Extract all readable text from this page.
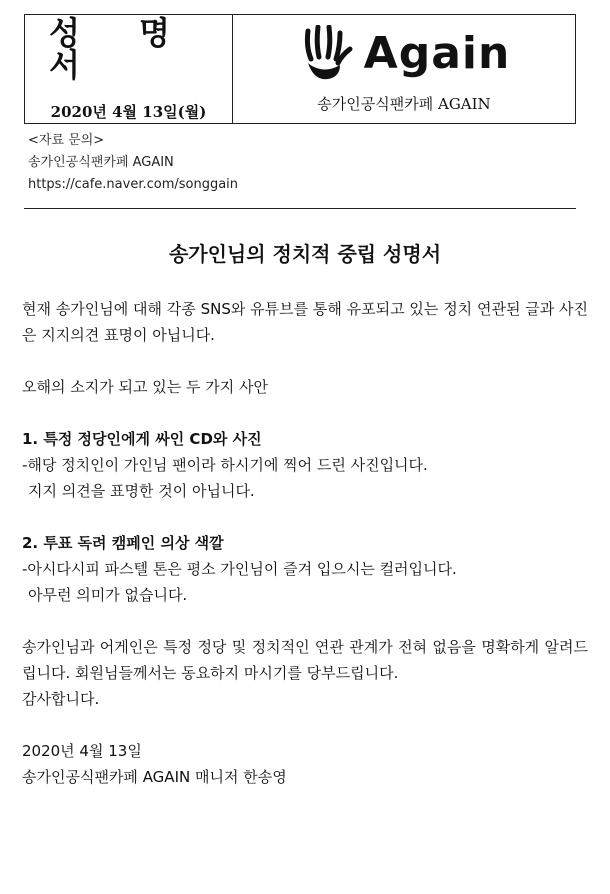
성 명 서
2020년 4월 13일(월)
Again
송가인공식팬카페 AGAIN
<자료 문의>
송가인공식팬카페 AGAIN
https://cafe.naver.com/songgain
송가인님의 정치적 중립 성명서

현재 송가인님에 대해 각종 SNS와 유튜브를 통해 유포되고 있는 정치 연관된 글과 사진은 지지의견 표명이 아닙니다.

오해의 소지가 되고 있는 두 가지 사안

1. 특정 정당인에게 싸인 CD와 사진

-해당 정치인이 가인님 팬이라 하시기에 찍어 드린 사진입니다.

지지 의견을 표명한 것이 아닙니다.

2. 투표 독려 캠페인 의상 색깔

-아시다시피 파스텔 톤은 평소 가인님이 즐겨 입으시는 컬러입니다.

아무런 의미가 없습니다.

송가인님과 어게인은 특정 정당 및 정치적인 연관 관계가 전혀 없음을 명확하게 알려드립니다. 회원님들께서는 동요하지 마시기를 당부드립니다.

감사합니다.

2020년 4월 13일

송가인공식팬카페 AGAIN 매니저 한송영
